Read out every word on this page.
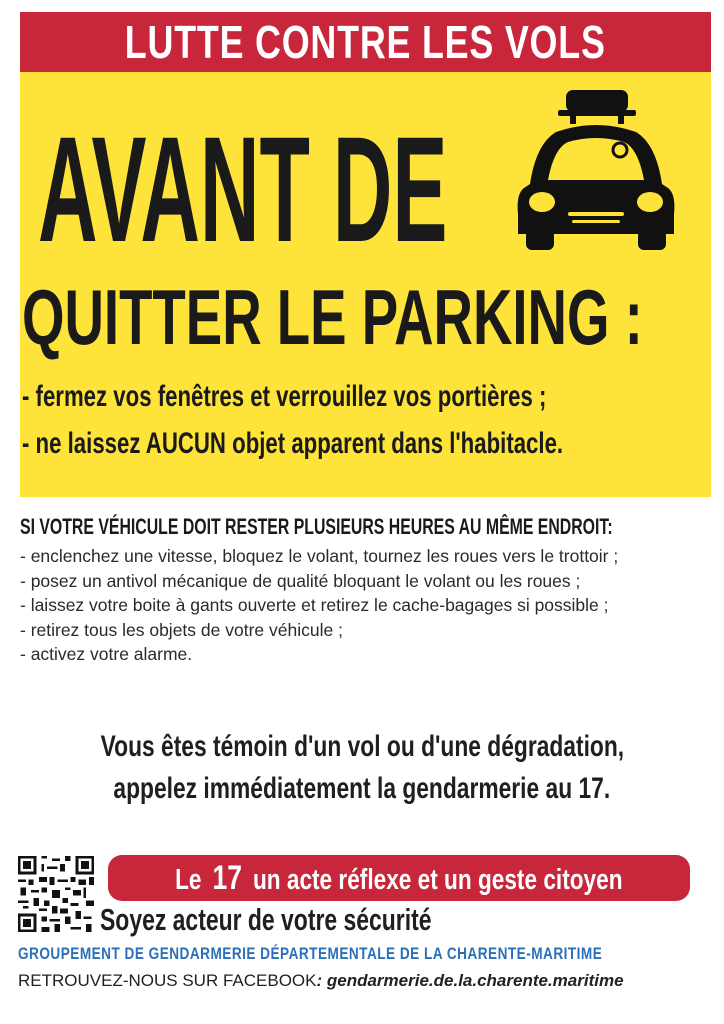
LUTTE CONTRE LES VOLS
AVANT DE
QUITTER LE PARKING :
- fermez vos fenêtres et verrouillez vos portières ;
- ne laissez AUCUN objet apparent dans l'habitacle.
SI VOTRE VÉHICULE DOIT RESTER PLUSIEURS HEURES AU MÊME ENDROIT:
- enclenchez une vitesse, bloquez le volant, tournez les roues vers le trottoir ;
- posez un antivol mécanique de qualité bloquant le volant ou les roues ;
- laissez votre boite à gants ouverte et retirez le cache-bagages si possible ;
- retirez tous les objets de votre véhicule ;
- activez votre alarme.
Vous êtes témoin d'un vol ou d'une dégradation,
appelez immédiatement la gendarmerie au 17.
Le 17 un acte réflexe et un geste citoyen
Soyez acteur de votre sécurité
GROUPEMENT DE GENDARMERIE DÉPARTEMENTALE DE LA CHARENTE-MARITIME
RETROUVEZ-NOUS SUR FACEBOOK: gendarmerie.de.la.charente.maritime
